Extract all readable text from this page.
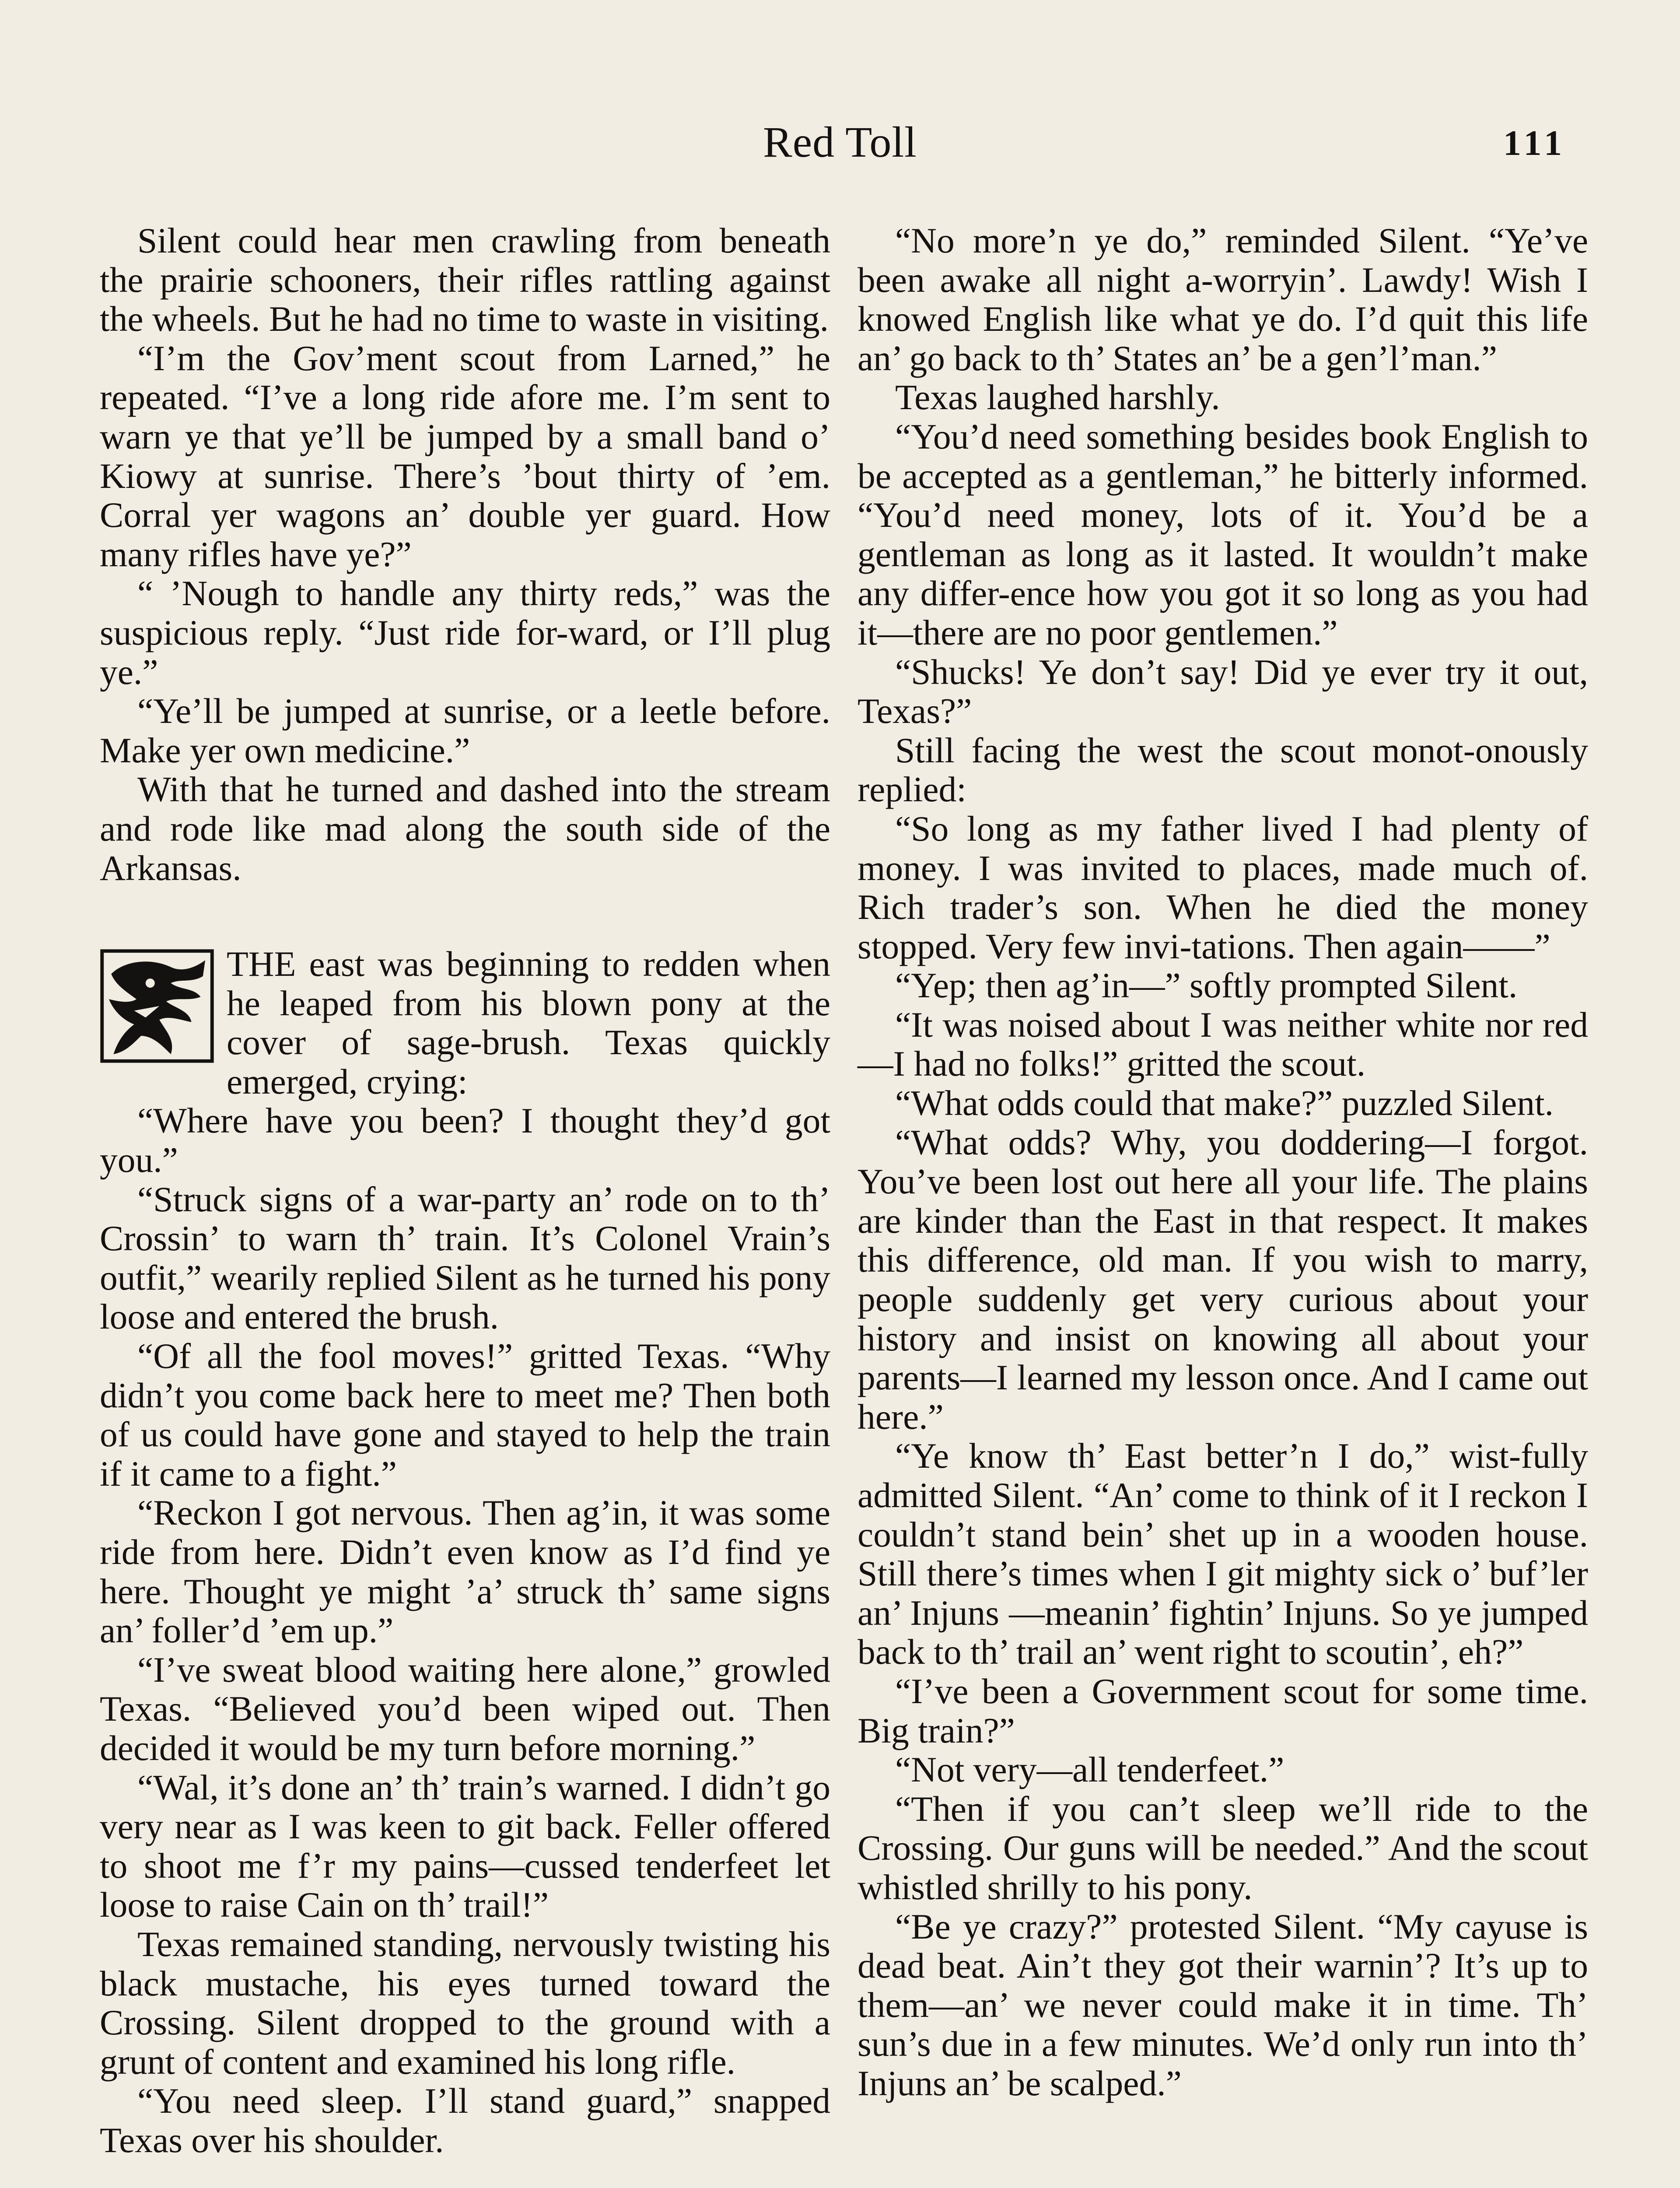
Red Toll	111

Silent could hear men crawling from beneath the prairie schooners, their rifles rattling against the wheels. But he had no time to waste in visiting.

“I’m the Gov’ment scout from Larned,” he repeated. “I’ve a long ride afore me. I’m sent to warn ye that ye’ll be jumped by a small band o’ Kiowy at sunrise. There’s ’bout thirty of ’em. Corral yer wagons an’ double yer guard. How many rifles have ye?”

“ ’Nough to handle any thirty reds,” was the suspicious reply. “Just ride for-ward, or I’ll plug ye.”

“Ye’ll be jumped at sunrise, or a leetle before. Make yer own medicine.”

With that he turned and dashed into the stream and rode like mad along the south side of the Arkansas.

THE east was beginning to redden when he leaped from his blown pony at the cover of sage-brush. Texas quickly emerged, crying:

“Where have you been? I thought they’d got you.”

“Struck signs of a war-party an’ rode on to th’ Crossin’ to warn th’ train. It’s Colonel Vrain’s outfit,” wearily replied Silent as he turned his pony loose and entered the brush.

“Of all the fool moves!” gritted Texas. “Why didn’t you come back here to meet me? Then both of us could have gone and stayed to help the train if it came to a fight.”

“Reckon I got nervous. Then ag’in, it was some ride from here. Didn’t even know as I’d find ye here. Thought ye might ’a’ struck th’ same signs an’ foller’d ’em up.”

“I’ve sweat blood waiting here alone,” growled Texas. “Believed you’d been wiped out. Then decided it would be my turn before morning.”

“Wal, it’s done an’ th’ train’s warned. I didn’t go very near as I was keen to git back. Feller offered to shoot me f’r my pains—cussed tenderfeet let loose to raise Cain on th’ trail!”

Texas remained standing, nervously twisting his black mustache, his eyes turned toward the Crossing. Silent dropped to the ground with a grunt of content and examined his long rifle.

“You need sleep. I’ll stand guard,” snapped Texas over his shoulder.

“No more’n ye do,” reminded Silent. “Ye’ve been awake all night a-worryin’. Lawdy! Wish I knowed English like what ye do. I’d quit this life an’ go back to th’ States an’ be a gen’l’man.”

Texas laughed harshly.

“You’d need something besides book English to be accepted as a gentleman,” he bitterly informed. “You’d need money, lots of it. You’d be a gentleman as long as it lasted. It wouldn’t make any differ-ence how you got it so long as you had it—there are no poor gentlemen.”

“Shucks! Ye don’t say! Did ye ever try it out, Texas?”

Still facing the west the scout monot-onously replied:

“So long as my father lived I had plenty of money. I was invited to places, made much of. Rich trader’s son. When he died the money stopped. Very few invi-tations. Then again——”

“Yep; then ag’in—” softly prompted Silent.

“It was noised about I was neither white nor red—I had no folks!” gritted the scout.

“What odds could that make?” puzzled Silent.

“What odds? Why, you doddering—I forgot. You’ve been lost out here all your life. The plains are kinder than the East in that respect. It makes this difference, old man. If you wish to marry, people suddenly get very curious about your history and insist on knowing all about your parents—I learned my lesson once. And I came out here.”

“Ye know th’ East better’n I do,” wist-fully admitted Silent. “An’ come to think of it I reckon I couldn’t stand bein’ shet up in a wooden house. Still there’s times when I git mighty sick o’ buf’ler an’ Injuns —meanin’ fightin’ Injuns. So ye jumped back to th’ trail an’ went right to scoutin’, eh?”

“I’ve been a Government scout for some time. Big train?”

“Not very—all tenderfeet.”

“Then if you can’t sleep we’ll ride to the Crossing. Our guns will be needed.” And the scout whistled shrilly to his pony.

“Be ye crazy?” protested Silent. “My cayuse is dead beat. Ain’t they got their warnin’? It’s up to them—an’ we never could make it in time. Th’ sun’s due in a few minutes. We’d only run into th’ Injuns an’ be scalped.”
